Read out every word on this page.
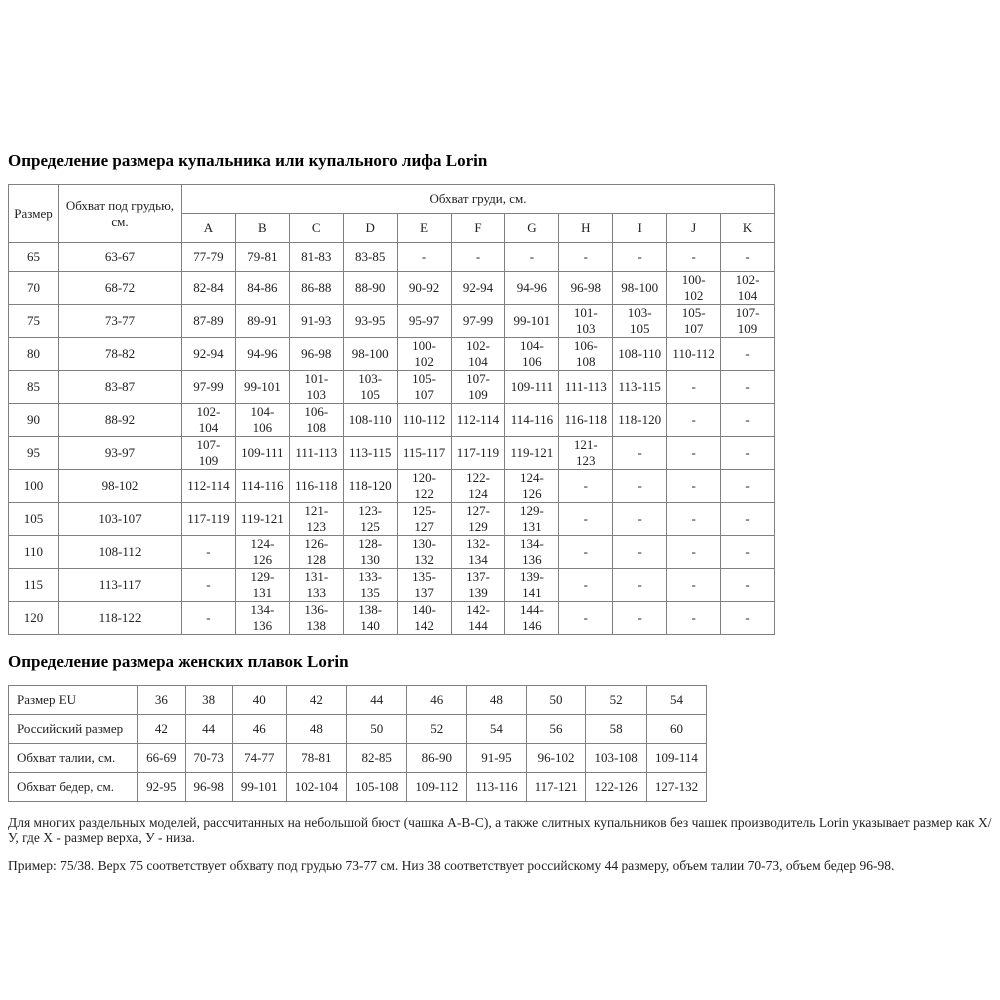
Определение размера купальника или купального лифа Lorin
Размер	Обхват под грудью, см.	Обхват груди, см.										
		A	B	C	D	E	F	G	H	I	J	K
65	63-67	77-79	79-81	81-83	83-85	-	-	-	-	-	-	-
70	68-72	82-84	84-86	86-88	88-90	90-92	92-94	94-96	96-98	98-100	100-102	102-104
75	73-77	87-89	89-91	91-93	93-95	95-97	97-99	99-101	101-103	103-105	105-107	107-109
80	78-82	92-94	94-96	96-98	98-100	100-102	102-104	104-106	106-108	108-110	110-112	-
85	83-87	97-99	99-101	101-103	103-105	105-107	107-109	109-111	111-113	113-115	-	-
90	88-92	102-104	104-106	106-108	108-110	110-112	112-114	114-116	116-118	118-120	-	-
95	93-97	107-109	109-111	111-113	113-115	115-117	117-119	119-121	121-123	-	-	-
100	98-102	112-114	114-116	116-118	118-120	120-122	122-124	124-126	-	-	-	-
105	103-107	117-119	119-121	121-123	123-125	125-127	127-129	129-131	-	-	-	-
110	108-112	-	124-126	126-128	128-130	130-132	132-134	134-136	-	-	-	-
115	113-117	-	129-131	131-133	133-135	135-137	137-139	139-141	-	-	-	-
120	118-122	-	134-136	136-138	138-140	140-142	142-144	144-146	-	-	-	-
Определение размера женских плавок Lorin
Размер EU	36	38	40	42	44	46	48	50	52	54
Российский размер	42	44	46	48	50	52	54	56	58	60
Обхват талии, см.	66-69	70-73	74-77	78-81	82-85	86-90	91-95	96-102	103-108	109-114
Обхват бедер, см.	92-95	96-98	99-101	102-104	105-108	109-112	113-116	117-121	122-126	127-132

Для многих раздельных моделей, рассчитанных на небольшой бюст (чашка A-B-C), а также слитных купальников без чашек производитель Lorin указывает размер как Х/У, где Х - размер верха, У - низа.

Пример: 75/38. Верх 75 соответствует обхвату под грудью 73-77 см. Низ 38 соответствует российскому 44 размеру, объем талии 70-73, объем бедер 96-98.
